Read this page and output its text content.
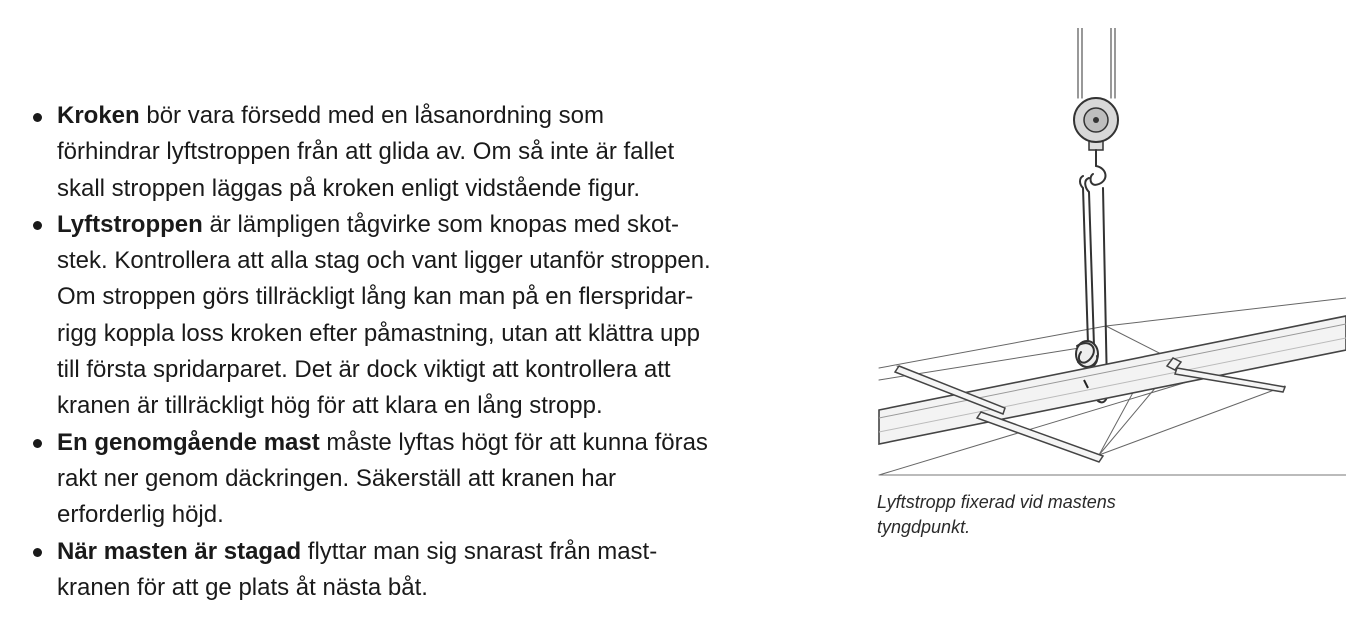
Kroken bör vara försedd med en låsanordning som
förhindrar lyftstroppen från att glida av. Om så inte är fallet
skall stroppen läggas på kroken enligt vidstående figur.
Lyftstroppen är lämpligen tågvirke som knopas med skot-
stek. Kontrollera att alla stag och vant ligger utanför stroppen.
Om stroppen görs tillräckligt lång kan man på en flerspridar-
rigg koppla loss kroken efter påmastning, utan att klättra upp
till första spridarparet. Det är dock viktigt att kontrollera att
kranen är tillräckligt hög för att klara en lång stropp.
En genomgående mast måste lyftas högt för att kunna föras
rakt ner genom däckringen. Säkerställ att kranen har
erforderlig höjd.
När masten är stagad flyttar man sig snarast från mast-
kranen för att ge plats åt nästa båt.
Lyftstropp fixerad vid mastens
tyngdpunkt.
